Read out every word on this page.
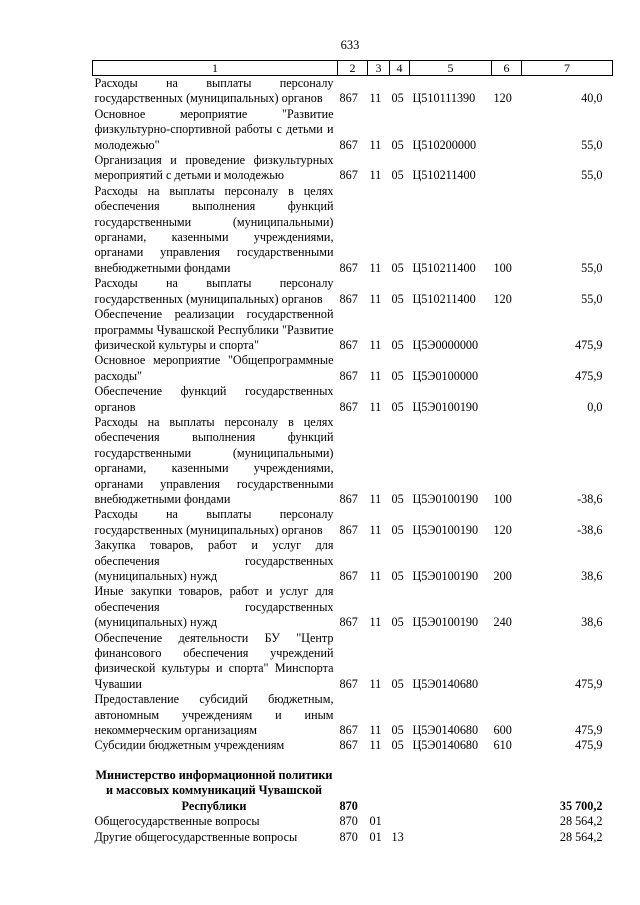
633
1	2	3	4	5	6	7
Расходы на выплаты персоналу государственных (муниципальных) органов	867	11	05	Ц510111390	120	40,0
Основное мероприятие "Развитие физкультурно-спортивной работы с детьми и молодежью"	867	11	05	Ц510200000		55,0
Организация и проведение физкультурных мероприятий с детьми и молодежью	867	11	05	Ц510211400		55,0
Расходы на выплаты персоналу в целях обеспечения выполнения функций государственными (муниципальными) органами, казенными учреждениями, органами управления государственными внебюджетными фондами	867	11	05	Ц510211400	100	55,0
Расходы на выплаты персоналу государственных (муниципальных) органов	867	11	05	Ц510211400	120	55,0
Обеспечение реализации государственной программы Чувашской Республики "Развитие физической культуры и спорта"	867	11	05	Ц5Э0000000		475,9
Основное мероприятие "Общепрограммные расходы"	867	11	05	Ц5Э0100000		475,9
Обеспечение функций государственных органов	867	11	05	Ц5Э0100190		0,0
Расходы на выплаты персоналу в целях обеспечения выполнения функций государственными (муниципальными) органами, казенными учреждениями, органами управления государственными внебюджетными фондами	867	11	05	Ц5Э0100190	100	-38,6
Расходы на выплаты персоналу государственных (муниципальных) органов	867	11	05	Ц5Э0100190	120	-38,6
Закупка товаров, работ и услуг для обеспечения государственных (муниципальных) нужд	867	11	05	Ц5Э0100190	200	38,6
Иные закупки товаров, работ и услуг для обеспечения государственных (муниципальных) нужд	867	11	05	Ц5Э0100190	240	38,6
Обеспечение деятельности БУ "Центр финансового обеспечения учреждений физической культуры и спорта" Минспорта Чувашии	867	11	05	Ц5Э0140680		475,9
Предоставление субсидий бюджетным, автономным учреждениям и иным некоммерческим организациям	867	11	05	Ц5Э0140680	600	475,9
Субсидии бюджетным учреждениям	867	11	05	Ц5Э0140680	610	475,9

Министерство информационной политики и массовых коммуникаций Чувашской Республики	870					35 700,2
Общегосударственные вопросы	870	01				28 564,2
Другие общегосударственные вопросы	870	01	13			28 564,2
